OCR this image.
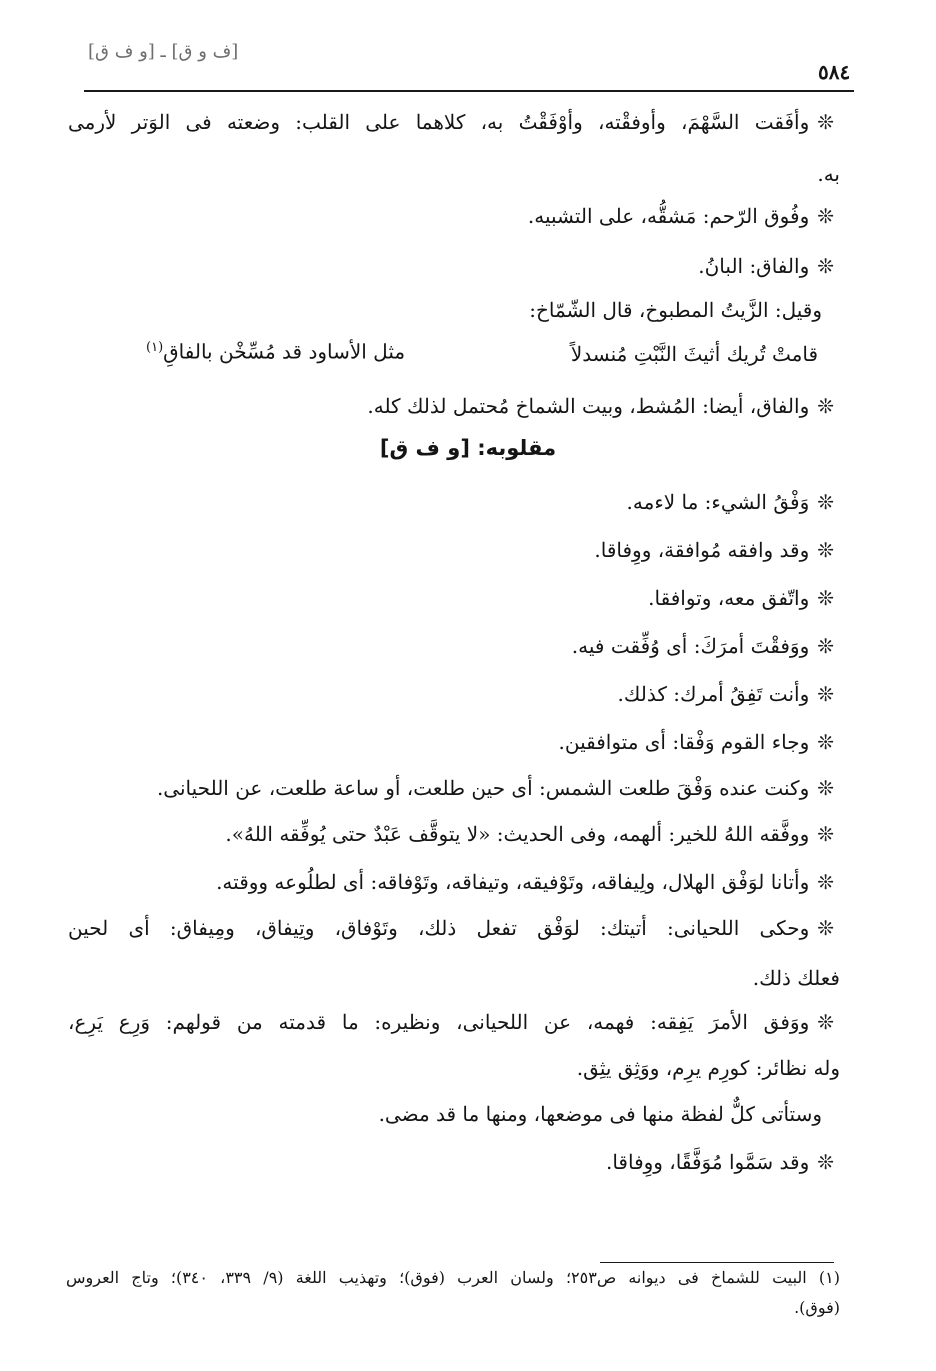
[ف و ق] ـ [و ف ق]
٥٨٤
❊وأفَقت السَّهْمَ، وأوفقْته، وأوْفَقْتُ به، كلاهما على القلب: وضعته فى الوَتر لأرمى
به.
❊وفُوق الرّحم: مَشقُّه، على التشبيه.
❊والفاق: البانُ.
وقيل: الزَّيتُ المطبوخ، قال الشّمّاخ:
قامتْ تُريك أثيثَ النَّبْتِ مُنسدلاً
مثل الأساود قد مُسِّخْن بالفاقِ$^{(١)}$
❊والفاق، أيضا: المُشط، وبيت الشماخ مُحتمل لذلك كله.
مقلوبه: [و ف ق]
❊وَفْقُ الشيء: ما لاءمه.
❊وقد وافقه مُوافقة، ووِفاقا.
❊واتّفق معه، وتوافقا.
❊ووَفقْتَ أمرَكَ: أى وُفِّقت فيه.
❊وأنت تَفِقُ أمرك: كذلك.
❊وجاء القوم وَفْقا: أى متوافقين.
❊وكنت عنده وَفْقَ طلعت الشمس: أى حين طلعت، أو ساعة طلعت، عن اللحيانى.
❊ووفَّقه اللهُ للخير: ألهمه، وفى الحديث: «لا يتوقَّف عَبْدٌ حتى يُوفِّقه اللهُ».
❊وأتانا لوَفْق الهلال، ولِيفاقه، وتَوْفيقه، وتيفاقه، وتَوْفاقه: أى لطلُوعه ووقته.
❊وحكى اللحيانى: أتيتك: لوَفْق تفعل ذلك، وتَوْفاق، وتِيفاق، ومِيفاق: أى لحين
فعلك ذلك.
❊ووَفق الأمرَ يَفِقه: فهمه، عن اللحيانى، ونظيره: ما قدمته من قولهم: وَرِع يَرِع،
وله نظائر: كورِم يرِم، ووَثِق يثِق.
وستأتى كلٌّ لفظة منها فى موضعها، ومنها ما قد مضى.
❊وقد سَمَّوا مُوَفَّقًا، ووِفاقا.
(١) البيت للشماخ فى ديوانه ص٢٥٣؛ ولسان العرب (فوق)؛ وتهذيب اللغة (٩/ ٣٣٩، ٣٤٠)؛ وتاج العروس
(فوق).
